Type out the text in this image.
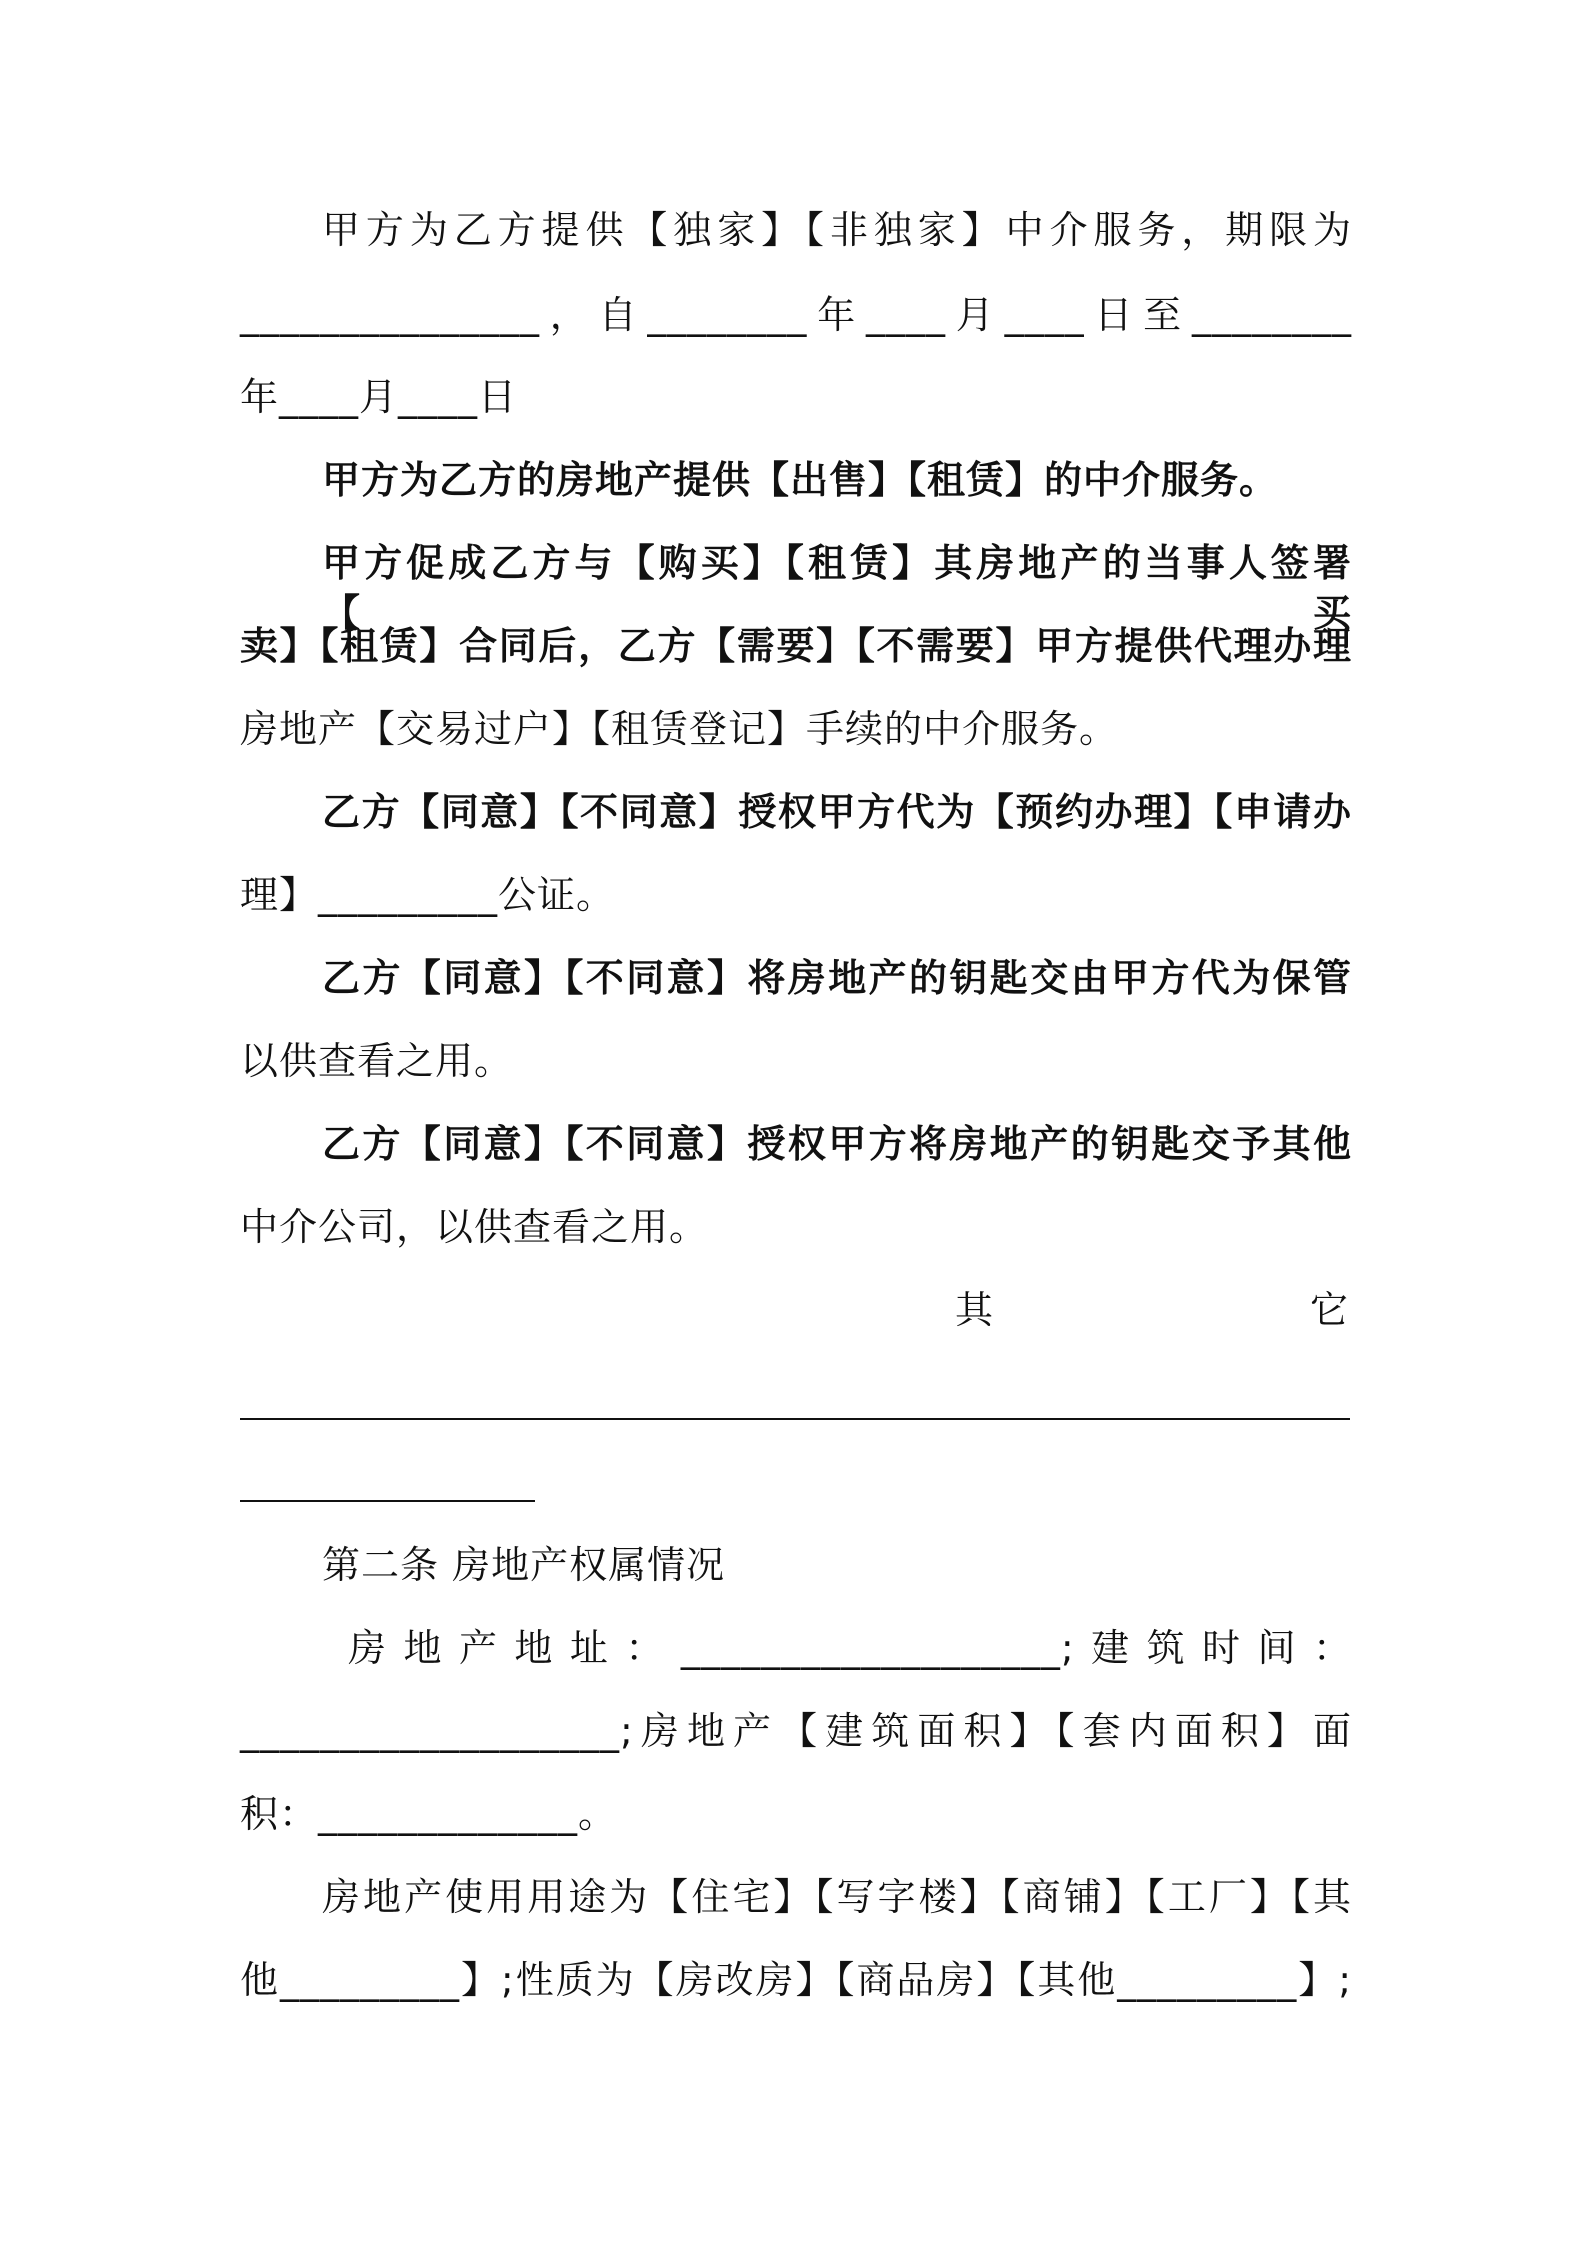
甲方为乙方提供【独家】【非独家】中介服务，期限为
_______________，自________年____月____日至________
年____月____日
甲方为乙方的房地产提供【出售】【租赁】的中介服务。
甲方促成乙方与【购买】【租赁】其房地产的当事人签署【买
卖】【租赁】合同后，乙方【需要】【不需要】甲方提供代理办理
房地产【交易过户】【租赁登记】手续的中介服务。
乙方【同意】【不同意】授权甲方代为【预约办理】【申请办
理】_________公证。
乙方【同意】【不同意】将房地产的钥匙交由甲方代为保管
以供查看之用。
乙方【同意】【不同意】授权甲方将房地产的钥匙交予其他
中介公司，以供查看之用。
其	它
第二条 房地产权属情况
房地产地址：___________________;建筑时间：
___________________;房地产【建筑面积】【套内面积】面
积：_____________。
房地产使用用途为【住宅】【写字楼】【商铺】【工厂】【其
他_________】;性质为【房改房】【商品房】【其他_________】;
